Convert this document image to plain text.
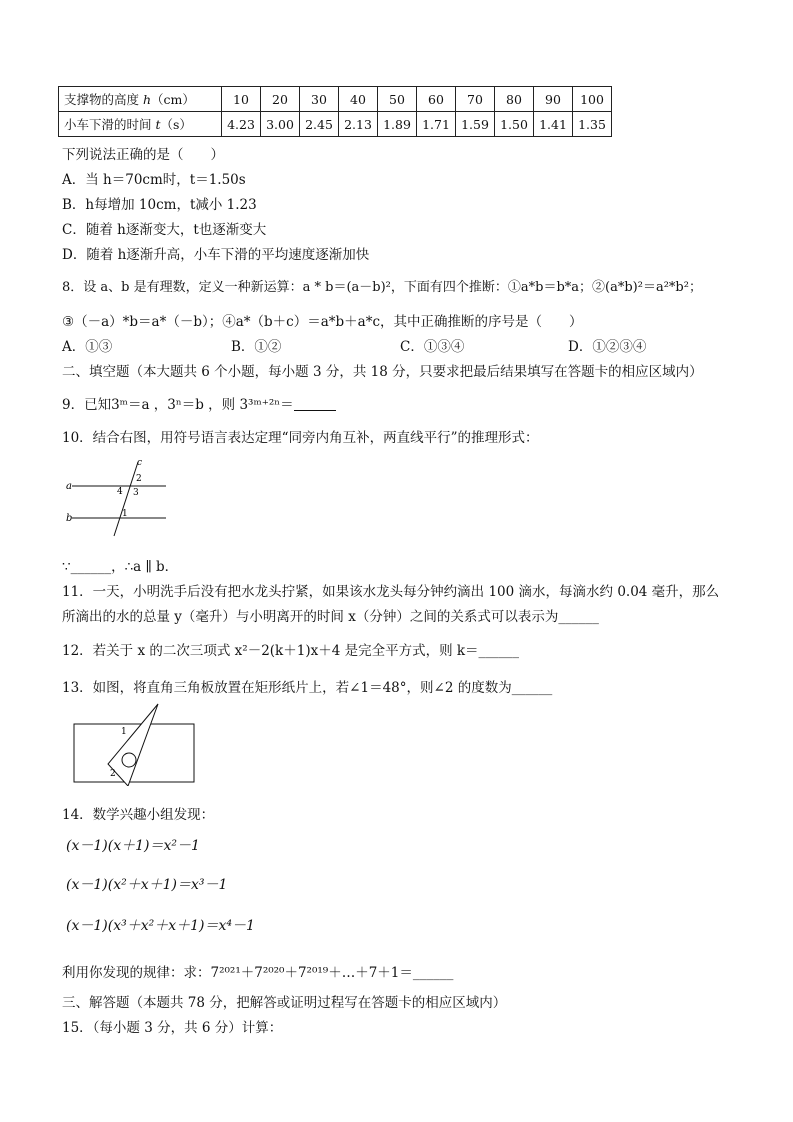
支撑物的高度 h（cm）	10	20	30	40	50	60	70	80	90	100
小车下滑的时间 t（s）	4.23	3.00	2.45	2.13	1.89	1.71	1.59	1.50	1.41	1.35
下列说法正确的是（　　）
A．当 h＝70cm时，t＝1.50s
B．h每增加 10cm，t减小 1.23
C．随着 h逐渐变大，t也逐渐变大
D．随着 h逐渐升高，小车下滑的平均速度逐渐加快
8．设 a、b 是有理数，定义一种新运算：a * b＝(a－b)²，下面有四个推断：①a*b＝b*a；②(a*b)²＝a²*b²；
③（－a）*b＝a*（－b）；④a*（b＋c）＝a*b＋a*c，其中正确推断的序号是（　　）
A．①③	B．①②	C．①③④	D．①②③④
二、填空题（本大题共 6 个小题，每小题 3 分，共 18 分，只要求把最后结果填写在答题卡的相应区域内）
9．已知3ᵐ＝a ，3ⁿ＝b ，则 3³ᵐ⁺²ⁿ＝
10．结合右图，用符号语言表达定理“同旁内角互补，两直线平行”的推理形式：
a
b
c
2
3
4
1
∵______，∴a ∥ b．
11．一天，小明洗手后没有把水龙头拧紧，如果该水龙头每分钟约滴出 100 滴水，每滴水约 0.04 毫升，那么
所滴出的水的总量 y（毫升）与小明离开的时间 x（分钟）之间的关系式可以表示为______
12．若关于 x 的二次三项式 x²－2(k＋1)x＋4 是完全平方式，则 k＝______
13．如图，将直角三角板放置在矩形纸片上，若∠1＝48°，则∠2 的度数为______
1
2
14．数学兴趣小组发现：
(x－1)(x＋1)＝x²－1
(x－1)(x²＋x＋1)＝x³－1
(x－1)(x³＋x²＋x＋1)＝x⁴－1
利用你发现的规律：求：7²⁰²¹＋7²⁰²⁰＋7²⁰¹⁹＋…＋7＋1＝______
三、解答题（本题共 78 分，把解答或证明过程写在答题卡的相应区域内）
15．（每小题 3 分，共 6 分）计算：
